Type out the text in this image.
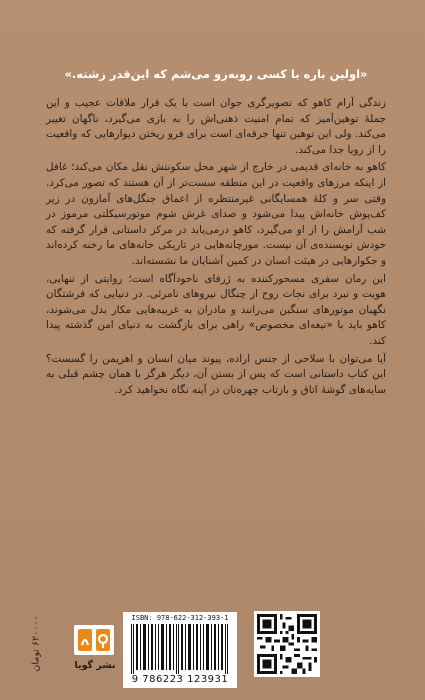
«اولین باره با کسی روبه‌رو می‌شم که این‌قدر زشته.»

زندگی آرام کاهو که تصویرگری جوان است با یک قرار ملاقات عجیب و این جملهٔ توهین‌آمیز که تمام امنیت ذهنی‌اش را به بازی می‌گیرد، ناگهان تغییر می‌کند. ولی این توهین تنها جرقه‌ای است برای فرو ریختن دیوارهایی که واقعیت را از رویا جدا می‌کند.

کاهو به خانه‌ای قدیمی در خارج از شهر محل سکونتش نقل مکان می‌کند؛ غافل از اینکه مرزهای واقعیت در این منطقه سست‌تر از آن هستند که تصور می‌کرد. وقتی سر و کلهٔ همسایگانی غیرمنتظره از اعماق جنگل‌های آمازون در زیر کف‌پوش خانه‌اش پیدا می‌شود و صدای غرش شوم موتورسیکلتی مرموز در شب آرامش را از او می‌گیرد، کاهو درمی‌یابد در مرکز داستانی قرار گرفته که خودش نویسنده‌ی آن نیست. مورچانه‌هایی در تاریکی خانه‌های ما رخنه کرده‌اند و جکوارهایی در هیئت انسان در کمین آشنایان ما نشسته‌اند.

این رمان سفری مسحورکننده به ژرفای ناخودآگاه است؛ روایتی از تنهایی، هویت و نبرد برای نجات روح از چنگال نیروهای نامرئی. در دنیایی که فرشتگان نگهبان موتورهای سنگین می‌رانند و مادران به غریبه‌هایی مکار بدل می‌شوند، کاهو باید با «تیغه‌ای مخصوص» راهی برای بازگشت به دنیای امن گذشته پیدا کند.

آیا می‌توان با سلاحی از جنس اراده، پیوند میان انسان و اهریمن را گسست؟ این کتاب داستانی است که پس از بستن آن، دیگر هرگز با همان چشم قبلی به سایه‌های گوشهٔ اتاق و بازتاب چهره‌تان در آینه نگاه نخواهید کرد.

ISBN: 978-622-312-393-1
9 786223 123931
نشر گویا
۶۲۰۰۰۰ تومان
